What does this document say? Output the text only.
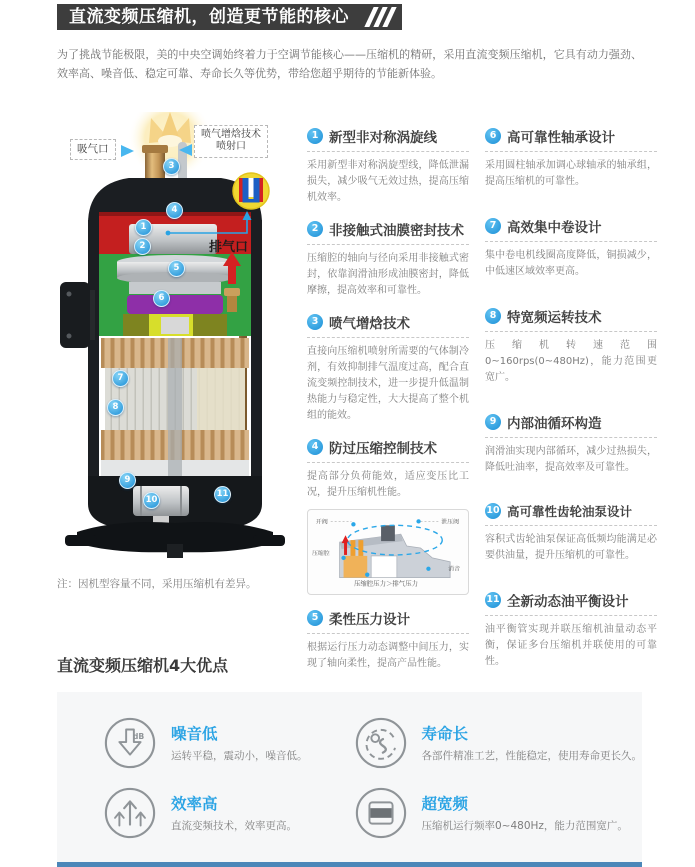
直流变频压缩机，创造更节能的核心

为了挑战节能极限，美的中央空调始终着力于空调节能核心——压缩机的精研，采用直流变频压缩机，它具有动力强劲、效率高、噪音低、稳定可靠、寿命长久等优势，带给您超乎期待的节能新体验。

1
2
3
4
5
6
7
8
9
10
11
吸气口
喷气增焓技术
喷射口
排气口
注：因机型容量不同，采用压缩机有差异。
1 新型非对称涡旋线

采用新型非对称涡旋型线，降低泄漏损失，减少吸气无效过热，提高压缩机效率。

2 非接触式油膜密封技术

压缩腔的轴向与径向采用非接触式密封，依靠润滑油形成油膜密封，降低摩擦，提高效率和可靠性。

3 喷气增焓技术

直接向压缩机喷射所需要的气体制冷剂，有效抑制排气温度过高，配合直流变频控制技术，进一步提升低温制热能力与稳定性，大大提高了整个机组的能效。

4 防过压缩控制技术

提高部分负荷能效，适应变压比工况，提升压缩机性能。

开阀	泄压阀
压缩腔
消音
压缩腔压力＞排气压力
5 柔性压力设计

根据运行压力动态调整中间压力，实现了轴向柔性，提高产品性能。

6 高可靠性轴承设计

采用圆柱轴承加调心球轴承的轴承组，提高压缩机的可靠性。

7 高效集中卷设计

集中卷电机线圈高度降低，铜损减少，中低速区域效率更高。

8 特宽频运转技术

压缩机转速范围0~160rps(0~480Hz)，能力范围更宽广。

9 内部油循环构造

润滑油实现内部循环，减少过热损失，降低吐油率，提高效率及可靠性。

10 高可靠性齿轮油泵设计

容积式齿轮油泵保证高低频均能满足必要供油量，提升压缩机的可靠性。

11 全新动态油平衡设计

油平衡管实现并联压缩机油量动态平衡，保证多台压缩机并联使用的可靠性。

直流变频压缩机4大优点
dB 噪音低
运转平稳，震动小，噪音低。
寿命长
各部件精准工艺，性能稳定，使用寿命更长久。
效率高
直流变频技术，效率更高。
超宽频
压缩机运行频率0~480Hz，能力范围宽广。
